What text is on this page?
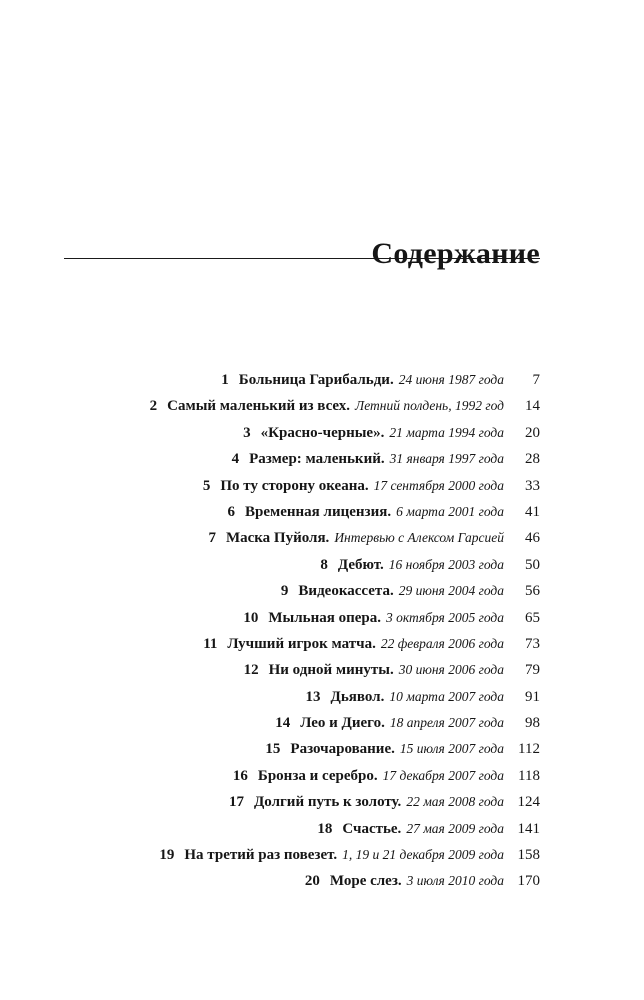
Содержание
1 Больница Гарибальди. 24 июня 1987 года	7
2 Самый маленький из всех. Летний полдень, 1992 год	14
3 «Красно-черные». 21 марта 1994 года	20
4 Размер: маленький. 31 января 1997 года	28
5 По ту сторону океана. 17 сентября 2000 года	33
6 Временная лицензия. 6 марта 2001 года	41
7 Маска Пуйоля. Интервью с Алексом Гарсией	46
8 Дебют. 16 ноября 2003 года	50
9 Видеокассета. 29 июня 2004 года	56
10 Мыльная опера. 3 октября 2005 года	65
11 Лучший игрок матча. 22 февраля 2006 года	73
12 Ни одной минуты. 30 июня 2006 года	79
13 Дьявол. 10 марта 2007 года	91
14 Лео и Диего. 18 апреля 2007 года	98
15 Разочарование. 15 июля 2007 года 112
16 Бронза и серебро. 17 декабря 2007 года 118
17 Долгий путь к золоту. 22 мая 2008 года 124
18 Счастье. 27 мая 2009 года 141
19 На третий раз повезет. 1, 19 и 21 декабря 2009 года 158
20 Море слез. 3 июля 2010 года 170
